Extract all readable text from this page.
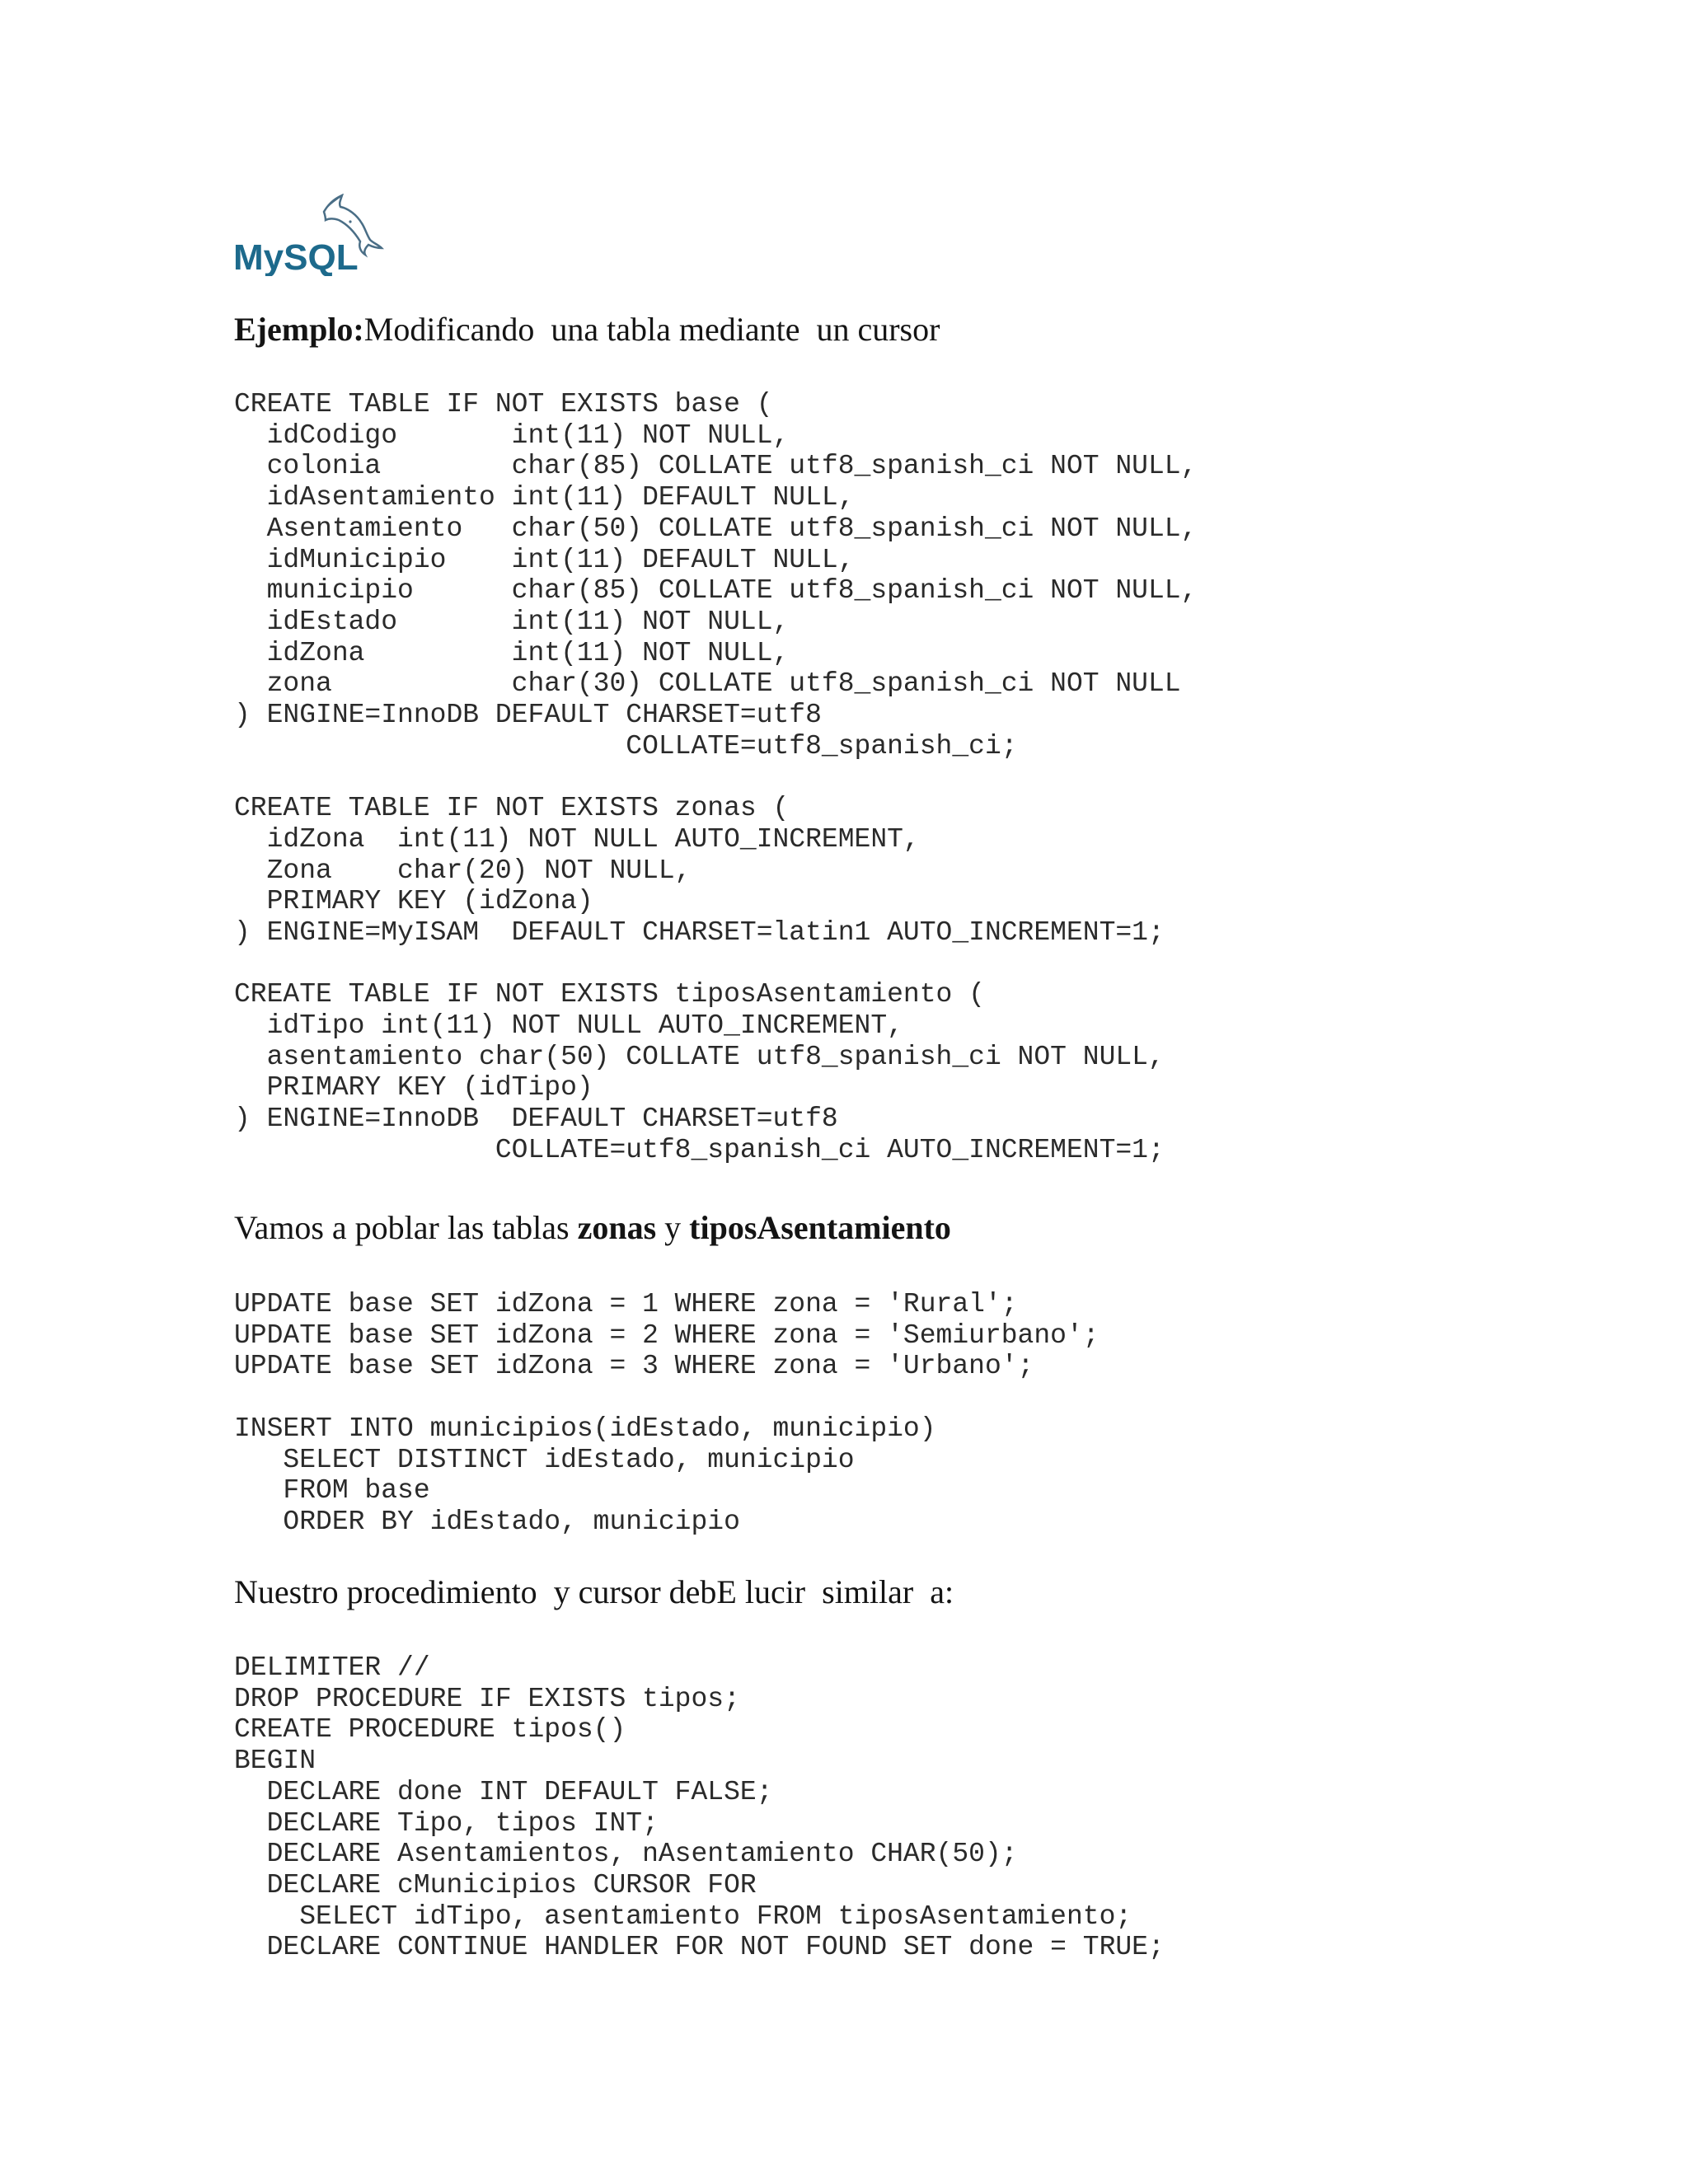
MySQL
Ejemplo:Modificando  una tabla mediante  un cursor
CREATE TABLE IF NOT EXISTS base (
idCodigo       int(11) NOT NULL,
colonia        char(85) COLLATE utf8_spanish_ci NOT NULL,
idAsentamiento int(11) DEFAULT NULL,
Asentamiento   char(50) COLLATE utf8_spanish_ci NOT NULL,
idMunicipio    int(11) DEFAULT NULL,
municipio      char(85) COLLATE utf8_spanish_ci NOT NULL,
idEstado       int(11) NOT NULL,
idZona         int(11) NOT NULL,
zona           char(30) COLLATE utf8_spanish_ci NOT NULL
) ENGINE=InnoDB DEFAULT CHARSET=utf8
COLLATE=utf8_spanish_ci;

CREATE TABLE IF NOT EXISTS zonas (
idZona  int(11) NOT NULL AUTO_INCREMENT,
Zona    char(20) NOT NULL,
PRIMARY KEY (idZona)
) ENGINE=MyISAM  DEFAULT CHARSET=latin1 AUTO_INCREMENT=1;

CREATE TABLE IF NOT EXISTS tiposAsentamiento (
idTipo int(11) NOT NULL AUTO_INCREMENT,
asentamiento char(50) COLLATE utf8_spanish_ci NOT NULL,
PRIMARY KEY (idTipo)
) ENGINE=InnoDB  DEFAULT CHARSET=utf8
COLLATE=utf8_spanish_ci AUTO_INCREMENT=1;
Vamos a poblar las tablas zonas y tiposAsentamiento
UPDATE base SET idZona = 1 WHERE zona = 'Rural';
UPDATE base SET idZona = 2 WHERE zona = 'Semiurbano';
UPDATE base SET idZona = 3 WHERE zona = 'Urbano';

INSERT INTO municipios(idEstado, municipio)
SELECT DISTINCT idEstado, municipio
FROM base
ORDER BY idEstado, municipio
Nuestro procedimiento  y cursor debE lucir  similar  a:
DELIMITER //
DROP PROCEDURE IF EXISTS tipos;
CREATE PROCEDURE tipos()
BEGIN
DECLARE done INT DEFAULT FALSE;
DECLARE Tipo, tipos INT;
DECLARE Asentamientos, nAsentamiento CHAR(50);
DECLARE cMunicipios CURSOR FOR
SELECT idTipo, asentamiento FROM tiposAsentamiento;
DECLARE CONTINUE HANDLER FOR NOT FOUND SET done = TRUE;
